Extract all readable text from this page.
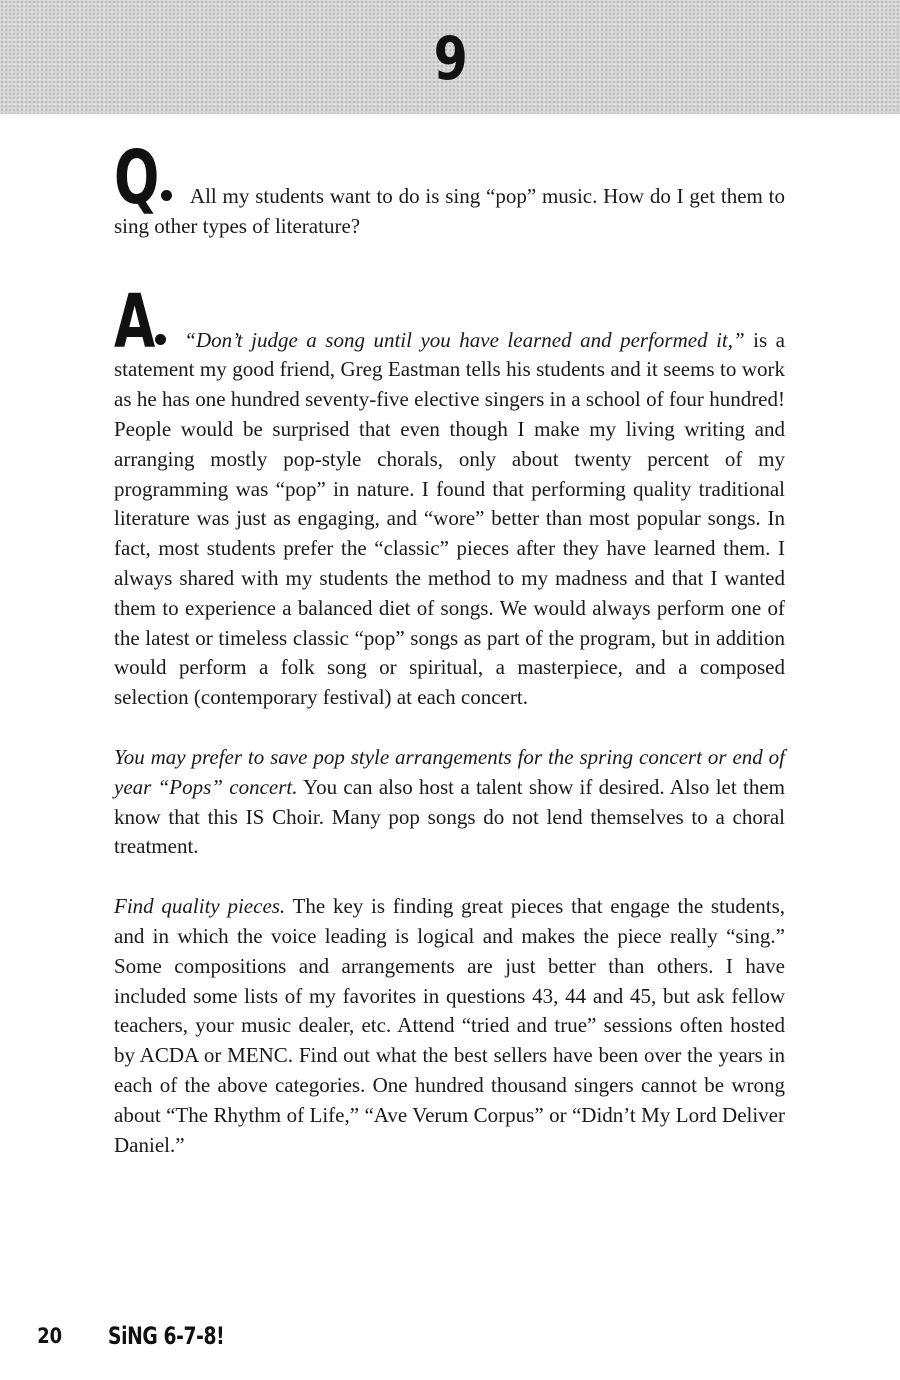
9

Q All my students want to do is sing “pop” music. How do I get them to sing other types of literature?

A “Don’t judge a song until you have learned and performed it,” is a statement my good friend, Greg Eastman tells his students and it seems to work as he has one hundred seventy-five elective singers in a school of four hundred! People would be surprised that even though I make my living writing and arranging mostly pop-style chorals, only about twenty percent of my programming was “pop” in nature. I found that performing quality traditional literature was just as engaging, and “wore” better than most popular songs. In fact, most students prefer the “classic” pieces after they have learned them. I always shared with my students the method to my madness and that I wanted them to experience a balanced diet of songs. We would always perform one of the latest or timeless classic “pop” songs as part of the program, but in addition would perform a folk song or spiritual, a masterpiece, and a composed selection (contemporary festival) at each concert.

You may prefer to save pop style arrangements for the spring concert or end of year “Pops” concert. You can also host a talent show if desired. Also let them know that this IS Choir. Many pop songs do not lend themselves to a choral treatment.

Find quality pieces. The key is finding great pieces that engage the students, and in which the voice leading is logical and makes the piece really “sing.” Some compositions and arrangements are just better than others. I have included some lists of my favorites in questions 43, 44 and 45, but ask fellow teachers, your music dealer, etc. Attend “tried and true” sessions often hosted by ACDA or MENC. Find out what the best sellers have been over the years in each of the above categories. One hundred thousand singers cannot be wrong about “The Rhythm of Life,” “Ave Verum Corpus” or “Didn’t My Lord Deliver Daniel.”

20 SiNG 6-7-8!
